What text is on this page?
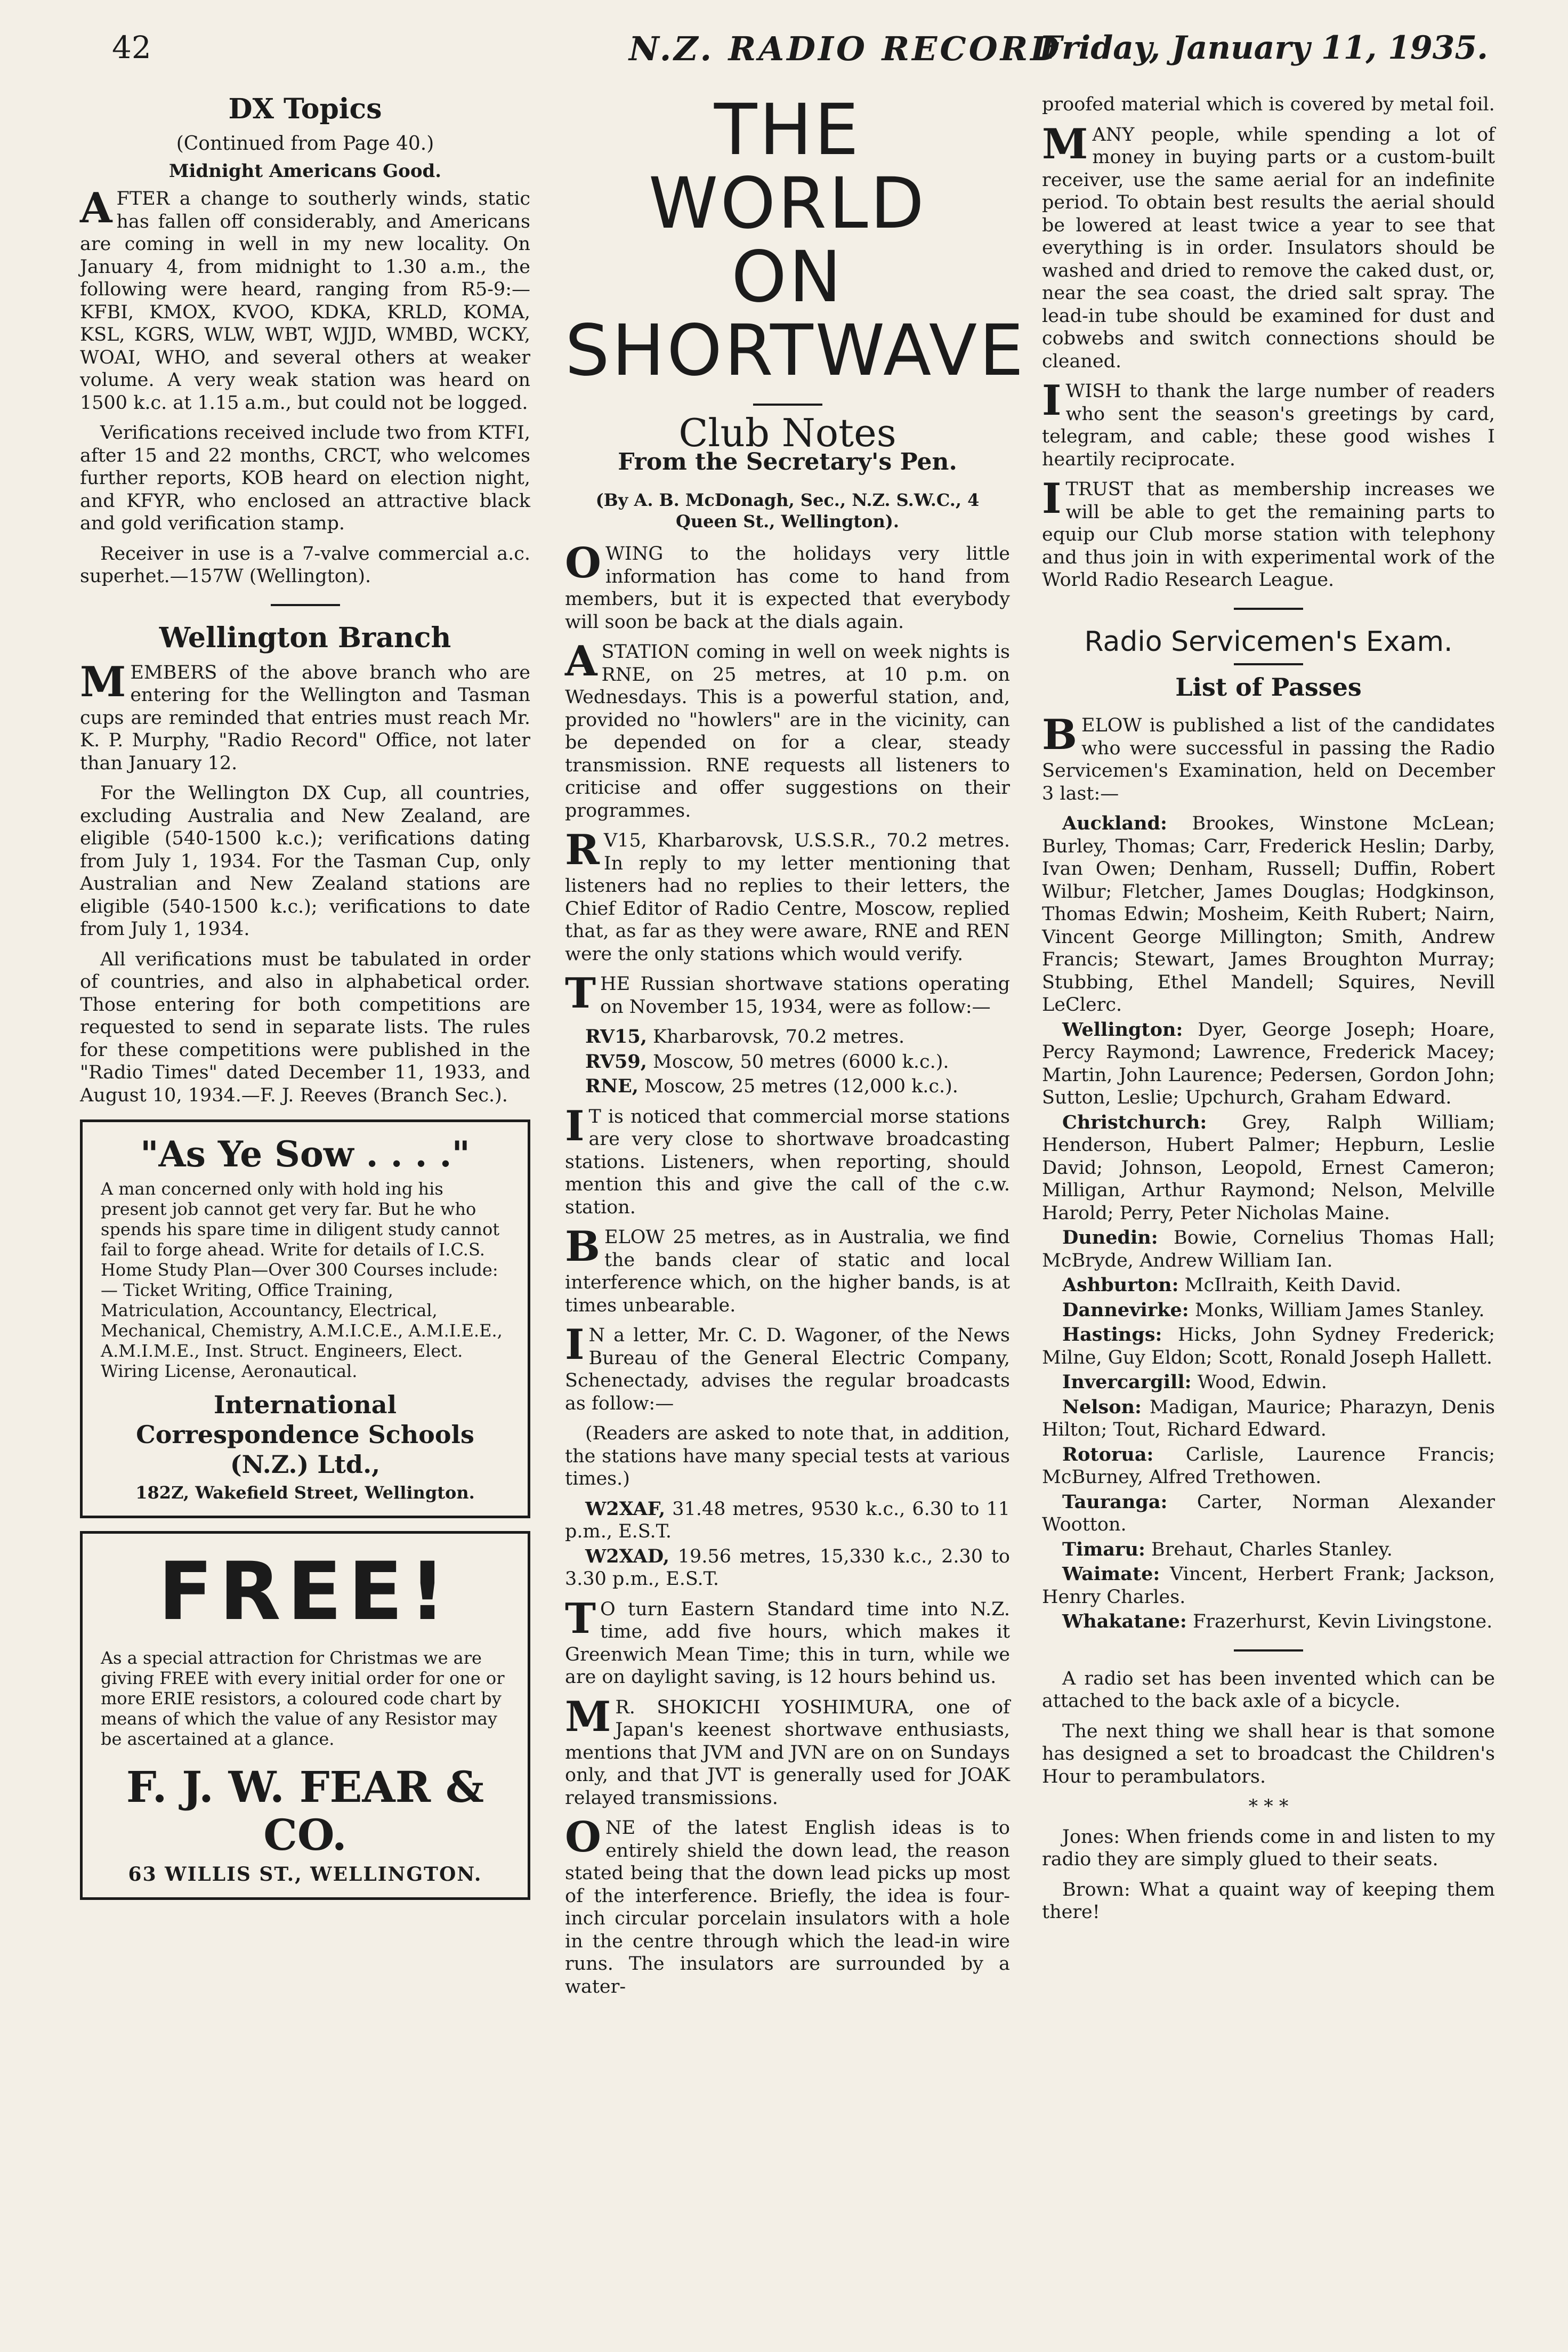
42	N.Z. RADIO RECORD
Friday, January 11, 1935.
DX Topics
(Continued from Page 40.)
Midnight Americans Good.

AFTER a change to southerly winds, static has fallen off considerably, and Americans are coming in well in my new locality. On January 4, from midnight to 1.30 a.m., the following were heard, ranging from R5-9:—KFBI, KMOX, KVOO, KDKA, KRLD, KOMA, KSL, KGRS, WLW, WBT, WJJD, WMBD, WCKY, WOAI, WHO, and several others at weaker volume. A very weak station was heard on 1500 k.c. at 1.15 a.m., but could not be logged.

Verifications received include two from KTFI, after 15 and 22 months, CRCT, who welcomes further reports, KOB heard on election night, and KFYR, who enclosed an attractive black and gold verification stamp.

Receiver in use is a 7-valve commercial a.c. superhet.—157W (Wellington).

Wellington Branch

MEMBERS of the above branch who are entering for the Wellington and Tasman cups are reminded that entries must reach Mr. K. P. Murphy, "Radio Record" Office, not later than January 12.

For the Wellington DX Cup, all countries, excluding Australia and New Zealand, are eligible (540-1500 k.c.); verifications dating from July 1, 1934. For the Tasman Cup, only Australian and New Zealand stations are eligible (540-1500 k.c.); verifications to date from July 1, 1934.

All verifications must be tabulated in order of countries, and also in alphabetical order. Those entering for both competitions are requested to send in separate lists. The rules for these competitions were published in the "Radio Times" dated December 11, 1933, and August 10, 1934.—F. J. Reeves (Branch Sec.).

"As Ye Sow . . . ."
A man concerned only with hold ing his present job cannot get very far. But he who spends his spare time in diligent study cannot fail to forge ahead. Write for details of I.C.S. Home Study Plan—Over 300 Courses include:— Ticket Writing, Office Training, Matriculation, Accountancy, Electrical, Mechanical, Chemistry, A.M.I.C.E., A.M.I.E.E., A.M.I.M.E., Inst. Struct. Engineers, Elect. Wiring License, Aeronautical.
International Correspondence Schools (N.Z.) Ltd.,
182Z, Wakefield Street, Wellington.
FREE!
As a special attraction for Christmas we are giving FREE with every initial order for one or more ERIE resistors, a coloured code chart by means of which the value of any Resistor may be ascertained at a glance.
F. J. W. FEAR & CO.
63 WILLIS ST., WELLINGTON.
THE WORLD
ON
SHORTWAVE
Club Notes
From the Secretary's Pen.
(By A. B. McDonagh, Sec., N.Z. S.W.C., 4 Queen St., Wellington).

OWING to the holidays very little information has come to hand from members, but it is expected that everybody will soon be back at the dials again.

A STATION coming in well on week nights is RNE, on 25 metres, at 10 p.m. on Wednesdays. This is a powerful station, and, provided no "howlers" are in the vicinity, can be depended on for a clear, steady transmission. RNE requests all listeners to criticise and offer suggestions on their programmes.

R V15, Kharbarovsk, U.S.S.R., 70.2 metres. In reply to my letter mentioning that listeners had no replies to their letters, the Chief Editor of Radio Centre, Moscow, replied that, as far as they were aware, RNE and REN were the only stations which would verify.

THE Russian shortwave stations operating on November 15, 1934, were as follow:—

RV15, Kharbarovsk, 70.2 metres.

RV59, Moscow, 50 metres (6000 k.c.).

RNE, Moscow, 25 metres (12,000 k.c.).

I T is noticed that commercial morse stations are very close to shortwave broadcasting stations. Listeners, when reporting, should mention this and give the call of the c.w. station.

BELOW 25 metres, as in Australia, we find the bands clear of static and local interference which, on the higher bands, is at times unbearable.

I N a letter, Mr. C. D. Wagoner, of the News Bureau of the General Electric Company, Schenectady, advises the regular broadcasts as follow:—

(Readers are asked to note that, in addition, the stations have many special tests at various times.)

W2XAF, 31.48 metres, 9530 k.c., 6.30 to 11 p.m., E.S.T.

W2XAD, 19.56 metres, 15,330 k.c., 2.30 to 3.30 p.m., E.S.T.

T O turn Eastern Standard time into N.Z. time, add five hours, which makes it Greenwich Mean Time; this in turn, while we are on daylight saving, is 12 hours behind us.

M R. SHOKICHI YOSHIMURA, one of Japan's keenest shortwave enthusiasts, mentions that JVM and JVN are on on Sundays only, and that JVT is generally used for JOAK relayed transmissions.

ONE of the latest English ideas is to entirely shield the down lead, the reason stated being that the down lead picks up most of the interference. Briefly, the idea is four-inch circular porcelain insulators with a hole in the centre through which the lead-in wire runs. The insulators are surrounded by a water-

proofed material which is covered by metal foil.

MANY people, while spending a lot of money in buying parts or a custom-built receiver, use the same aerial for an indefinite period. To obtain best results the aerial should be lowered at least twice a year to see that everything is in order. Insulators should be washed and dried to remove the caked dust, or, near the sea coast, the dried salt spray. The lead-in tube should be examined for dust and cobwebs and switch connections should be cleaned.

I WISH to thank the large number of readers who sent the season's greetings by card, telegram, and cable; these good wishes I heartily reciprocate.

I TRUST that as membership increases we will be able to get the remaining parts to equip our Club morse station with telephony and thus join in with experimental work of the World Radio Research League.

Radio Servicemen's Exam.
List of Passes

BELOW is published a list of the candidates who were successful in passing the Radio Servicemen's Examination, held on December 3 last:—

Auckland: Brookes, Winstone McLean; Burley, Thomas; Carr, Frederick Heslin; Darby, Ivan Owen; Denham, Russell; Duffin, Robert Wilbur; Fletcher, James Douglas; Hodgkinson, Thomas Edwin; Mosheim, Keith Rubert; Nairn, Vincent George Millington; Smith, Andrew Francis; Stewart, James Broughton Murray; Stubbing, Ethel Mandell; Squires, Nevill LeClerc.

Wellington: Dyer, George Joseph; Hoare, Percy Raymond; Lawrence, Frederick Macey; Martin, John Laurence; Pedersen, Gordon John; Sutton, Leslie; Upchurch, Graham Edward.

Christchurch: Grey, Ralph William; Henderson, Hubert Palmer; Hepburn, Leslie David; Johnson, Leopold, Ernest Cameron; Milligan, Arthur Raymond; Nelson, Melville Harold; Perry, Peter Nicholas Maine.

Dunedin: Bowie, Cornelius Thomas Hall; McBryde, Andrew William Ian.

Ashburton: McIlraith, Keith David.

Dannevirke: Monks, William James Stanley.

Hastings: Hicks, John Sydney Frederick; Milne, Guy Eldon; Scott, Ronald Joseph Hallett.

Invercargill: Wood, Edwin.

Nelson: Madigan, Maurice; Pharazyn, Denis Hilton; Tout, Richard Edward.

Rotorua: Carlisle, Laurence Francis; McBurney, Alfred Trethowen.

Tauranga: Carter, Norman Alexander Wootton.

Timaru: Brehaut, Charles Stanley.

Waimate: Vincent, Herbert Frank; Jackson, Henry Charles.

Whakatane: Frazerhurst, Kevin Livingstone.

A radio set has been invented which can be attached to the back axle of a bicycle.

The next thing we shall hear is that somone has designed a set to broadcast the Children's Hour to perambulators.

* * *

Jones: When friends come in and listen to my radio they are simply glued to their seats.

Brown: What a quaint way of keeping them there!
